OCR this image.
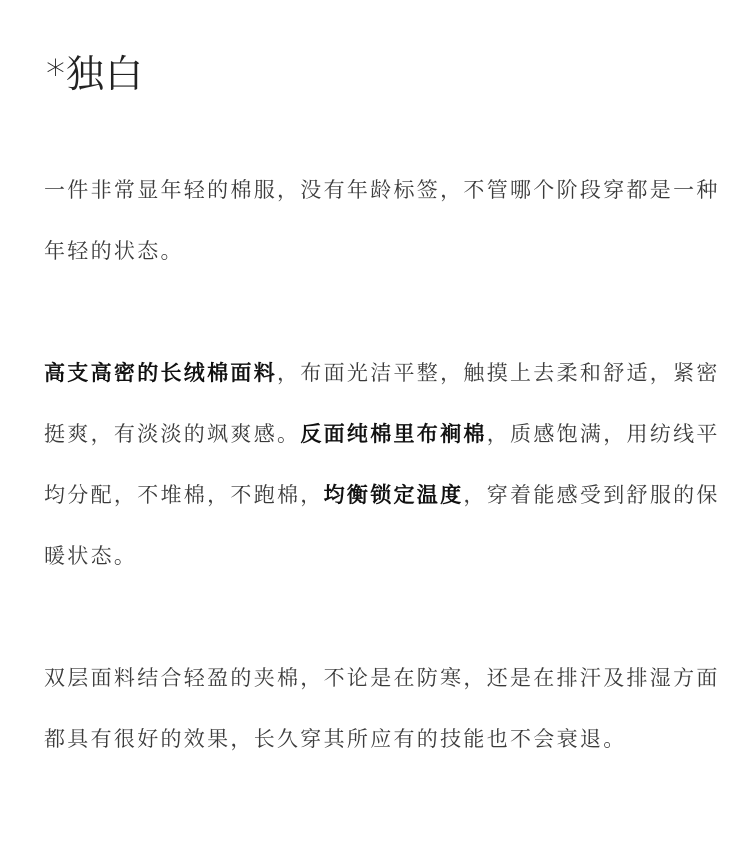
*独白

一件非常显年轻的棉服，没有年龄标签，不管哪个阶段穿都是一种年轻的状态。

高支高密的长绒棉面料，布面光洁平整，触摸上去柔和舒适，紧密挺爽，有淡淡的飒爽感。反面纯棉里布裥棉，质感饱满，用纺线平均分配，不堆棉，不跑棉，均衡锁定温度，穿着能感受到舒服的保暖状态。

双层面料结合轻盈的夹棉，不论是在防寒，还是在排汗及排湿方面都具有很好的效果，长久穿其所应有的技能也不会衰退。
